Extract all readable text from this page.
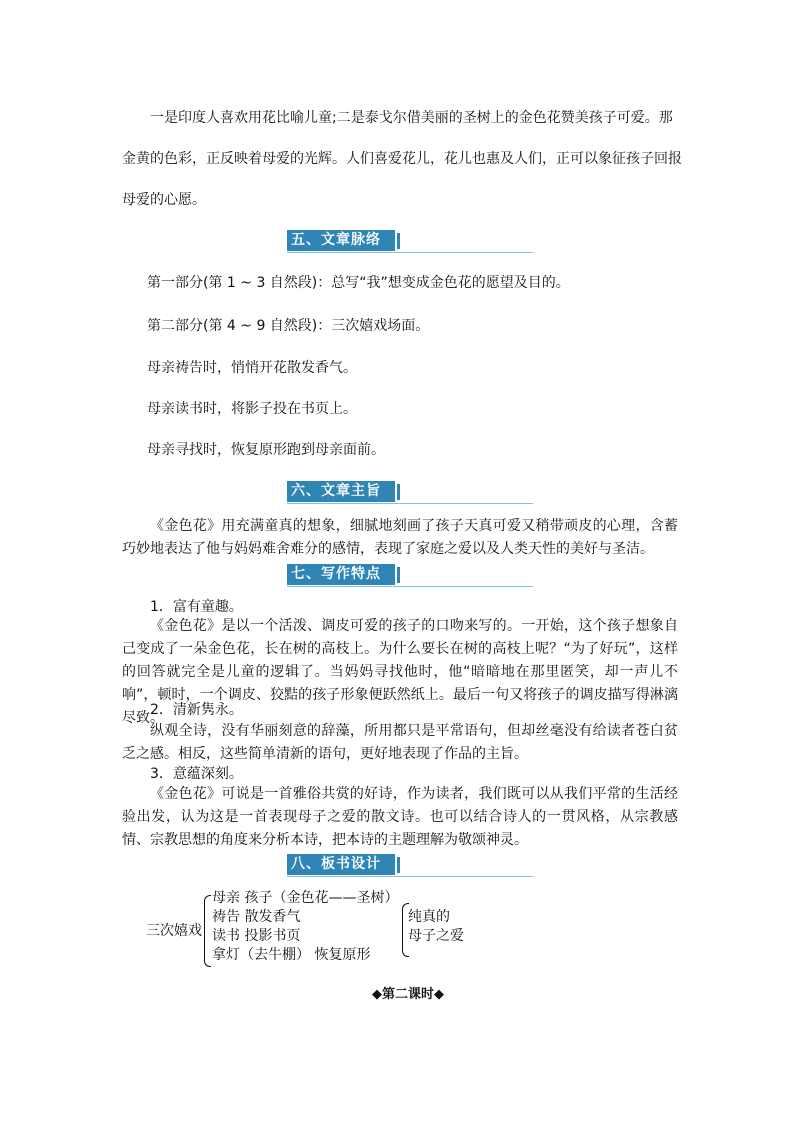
一是印度人喜欢用花比喻儿童;二是泰戈尔借美丽的圣树上的金色花赞美孩子可爱。那

金黄的色彩，正反映着母爱的光辉。人们喜爱花儿，花儿也惠及人们，正可以象征孩子回报

母爱的心愿。

五、文章脉络

第一部分(第 1 ~ 3 自然段)：总写“我”想变成金色花的愿望及目的。

第二部分(第 4 ~ 9 自然段)：三次嬉戏场面。

母亲祷告时，悄悄开花散发香气。

母亲读书时，将影子投在书页上。

母亲寻找时，恢复原形跑到母亲面前。

六、文章主旨

《金色花》用充满童真的想象，细腻地刻画了孩子天真可爱又稍带顽皮的心理，含蓄巧妙地表达了他与妈妈难舍难分的感情，表现了家庭之爱以及人类天性的美好与圣洁。

七、写作特点

1．富有童趣。

《金色花》是以一个活泼、调皮可爱的孩子的口吻来写的。一开始，这个孩子想象自己变成了一朵金色花，长在树的高枝上。为什么要长在树的高枝上呢？“为了好玩”，这样的回答就完全是儿童的逻辑了。当妈妈寻找他时，他“暗暗地在那里匿笑，却一声儿不响”，顿时，一个调皮、狡黠的孩子形象便跃然纸上。最后一句又将孩子的调皮描写得淋漓尽致。

2．清新隽永。

纵观全诗，没有华丽刻意的辞藻，所用都只是平常语句，但却丝毫没有给读者苍白贫乏之感。相反，这些简单清新的语句，更好地表现了作品的主旨。

3．意蕴深刻。

《金色花》可说是一首雅俗共赏的好诗，作为读者，我们既可以从我们平常的生活经验出发，认为这是一首表现母子之爱的散文诗。也可以结合诗人的一贯风格，从宗教感情、宗教思想的角度来分析本诗，把本诗的主题理解为敬颂神灵。

八、板书设计
三次嬉戏
母亲 孩子（金色花——圣树）
祷告 散发香气
读书 投影书页
拿灯（去牛棚） 恢复原形
纯真的
母子之爱
◆第二课时◆
